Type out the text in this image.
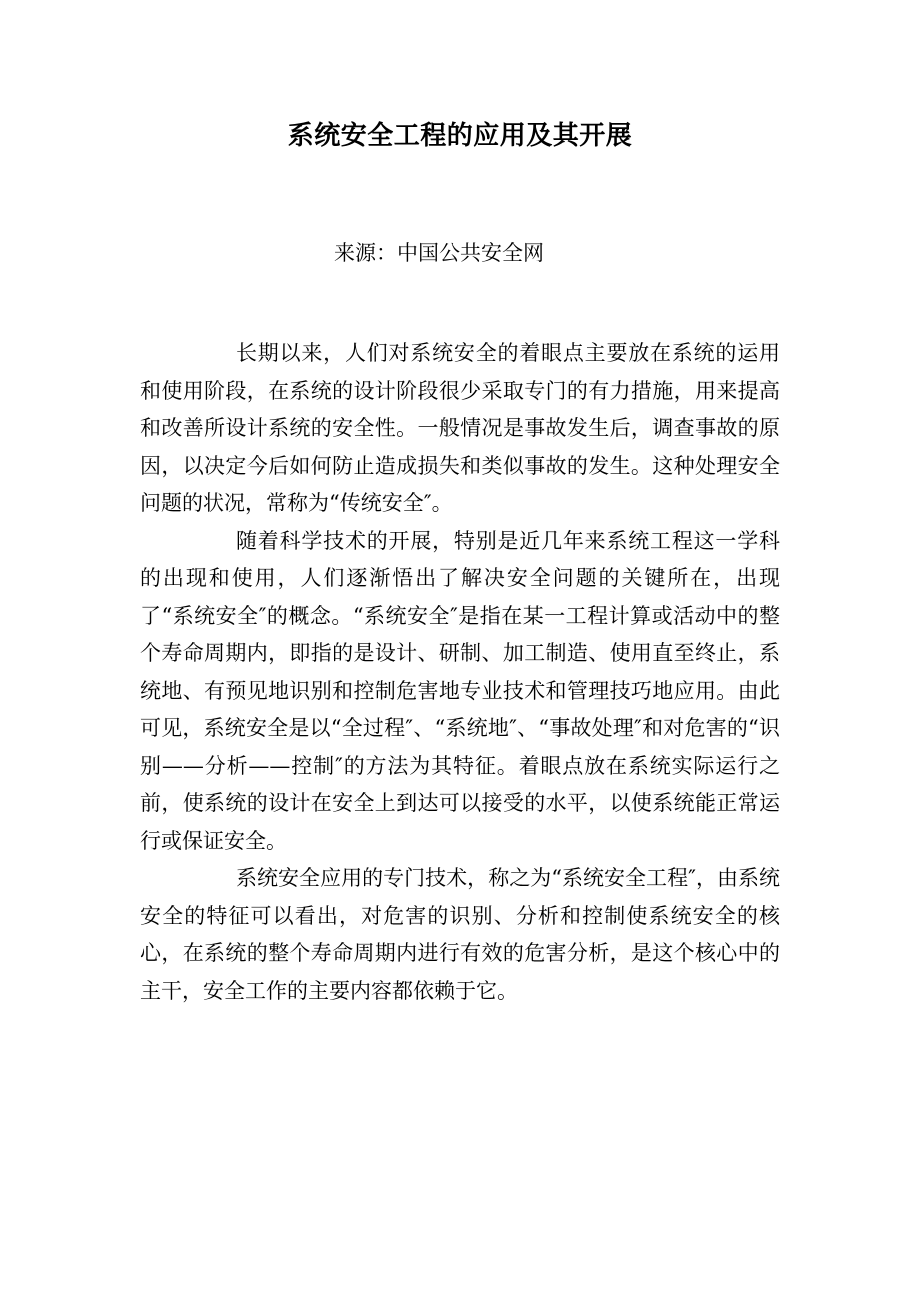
系统安全工程的应用及其开展
来源：中国公共安全网

长期以来，人们对系统安全的着眼点主要放在系统的运用和使用阶段，在系统的设计阶段很少采取专门的有力措施，用来提高和改善所设计系统的安全性。一般情况是事故发生后，调查事故的原因，以决定今后如何防止造成损失和类似事故的发生。这种处理安全问题的状况，常称为“传统安全″。

随着科学技术的开展，特别是近几年来系统工程这一学科的出现和使用，人们逐渐悟出了解决安全问题的关键所在，出现了“系统安全″的概念。“系统安全″是指在某一工程计算或活动中的整个寿命周期内，即指的是设计、研制、加工制造、使用直至终止，系统地、有预见地识别和控制危害地专业技术和管理技巧地应用。由此可见，系统安全是以“全过程″、“系统地″、“事故处理″和对危害的“识别——分析——控制″的方法为其特征。着眼点放在系统实际运行之前，使系统的设计在安全上到达可以接受的水平，以使系统能正常运行或保证安全。

系统安全应用的专门技术，称之为“系统安全工程″，由系统安全的特征可以看出，对危害的识别、分析和控制使系统安全的核心，在系统的整个寿命周期内进行有效的危害分析，是这个核心中的主干，安全工作的主要内容都依赖于它。
